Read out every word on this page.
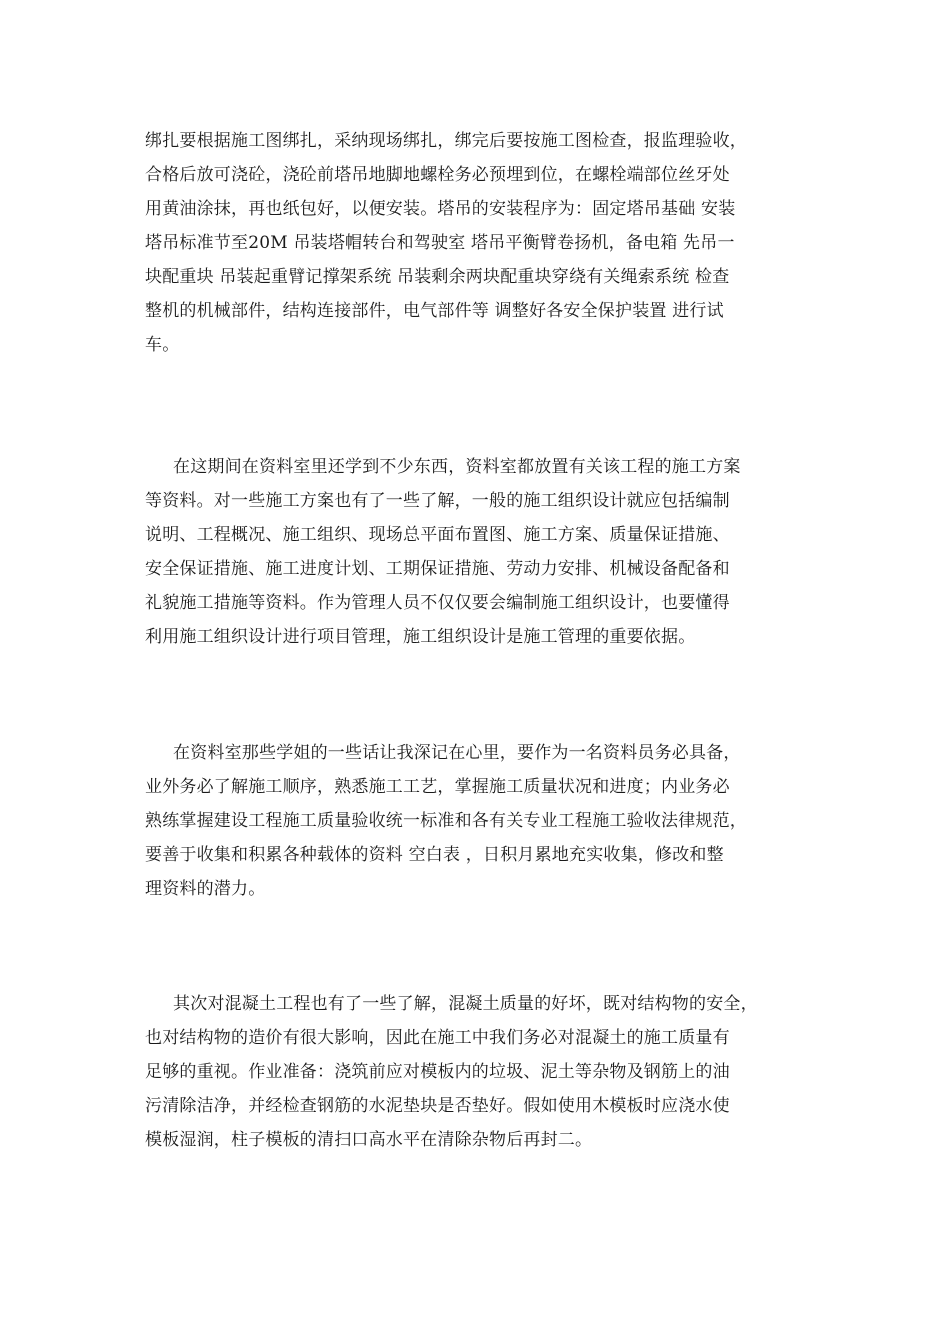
绑扎要根据施工图绑扎，采纳现场绑扎，绑完后要按施工图检查，报监理验收，
合格后放可浇砼，浇砼前塔吊地脚地螺栓务必预埋到位，在螺栓端部位丝牙处
用黄油涂抹，再也纸包好，以便安装。塔吊的安装程序为：固定塔吊基础 安装
塔吊标准节至20M 吊装塔帽转台和驾驶室 塔吊平衡臂卷扬机，备电箱 先吊一
块配重块 吊装起重臂记撑架系统 吊装剩余两块配重块穿绕有关绳索系统 检查
整机的机械部件，结构连接部件，电气部件等 调整好各安全保护装置 进行试
车。
在这期间在资料室里还学到不少东西，资料室都放置有关该工程的施工方案
等资料。对一些施工方案也有了一些了解，一般的施工组织设计就应包括编制
说明、工程概况、施工组织、现场总平面布置图、施工方案、质量保证措施、
安全保证措施、施工进度计划、工期保证措施、劳动力安排、机械设备配备和
礼貌施工措施等资料。作为管理人员不仅仅要会编制施工组织设计，也要懂得
利用施工组织设计进行项目管理，施工组织设计是施工管理的重要依据。
在资料室那些学姐的一些话让我深记在心里，要作为一名资料员务必具备，
业外务必了解施工顺序，熟悉施工工艺，掌握施工质量状况和进度；内业务必
熟练掌握建设工程施工质量验收统一标准和各有关专业工程施工验收法律规范，
要善于收集和积累各种载体的资料 空白表 ，日积月累地充实收集，修改和整
理资料的潜力。
其次对混凝土工程也有了一些了解，混凝土质量的好坏，既对结构物的安全，
也对结构物的造价有很大影响，因此在施工中我们务必对混凝土的施工质量有
足够的重视。作业准备：浇筑前应对模板内的垃圾、泥土等杂物及钢筋上的油
污清除洁净，并经检查钢筋的水泥垫块是否垫好。假如使用木模板时应浇水使
模板湿润，柱子模板的清扫口高水平在清除杂物后再封二。
